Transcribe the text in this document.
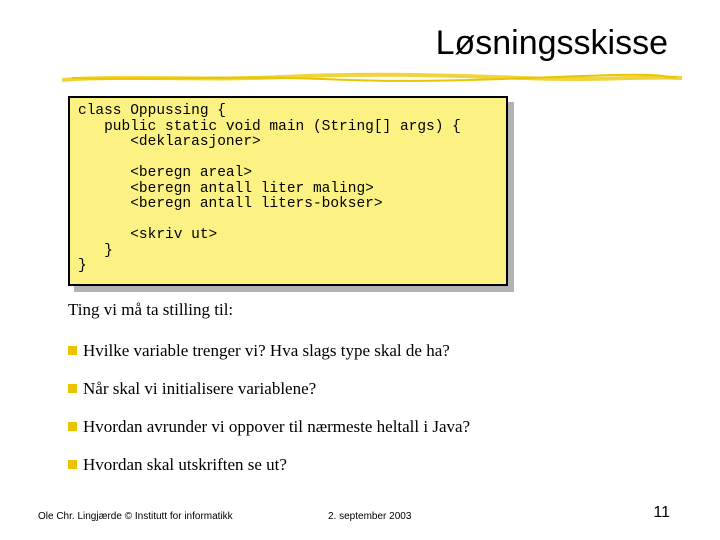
Løsningsskisse
class Oppussing {
public static void main (String[] args) {
<deklarasjoner>

<beregn areal>
<beregn antall liter maling>
<beregn antall liters-bokser>

<skriv ut>
}
}
Ting vi må ta stilling til:
Hvilke variable trenger vi? Hva slags type skal de ha?
Når skal vi initialisere variablene?
Hvordan avrunder vi oppover til nærmeste heltall i Java?
Hvordan skal utskriften se ut?
Ole Chr. Lingjærde © Institutt for informatikk	2. september 2003	11
